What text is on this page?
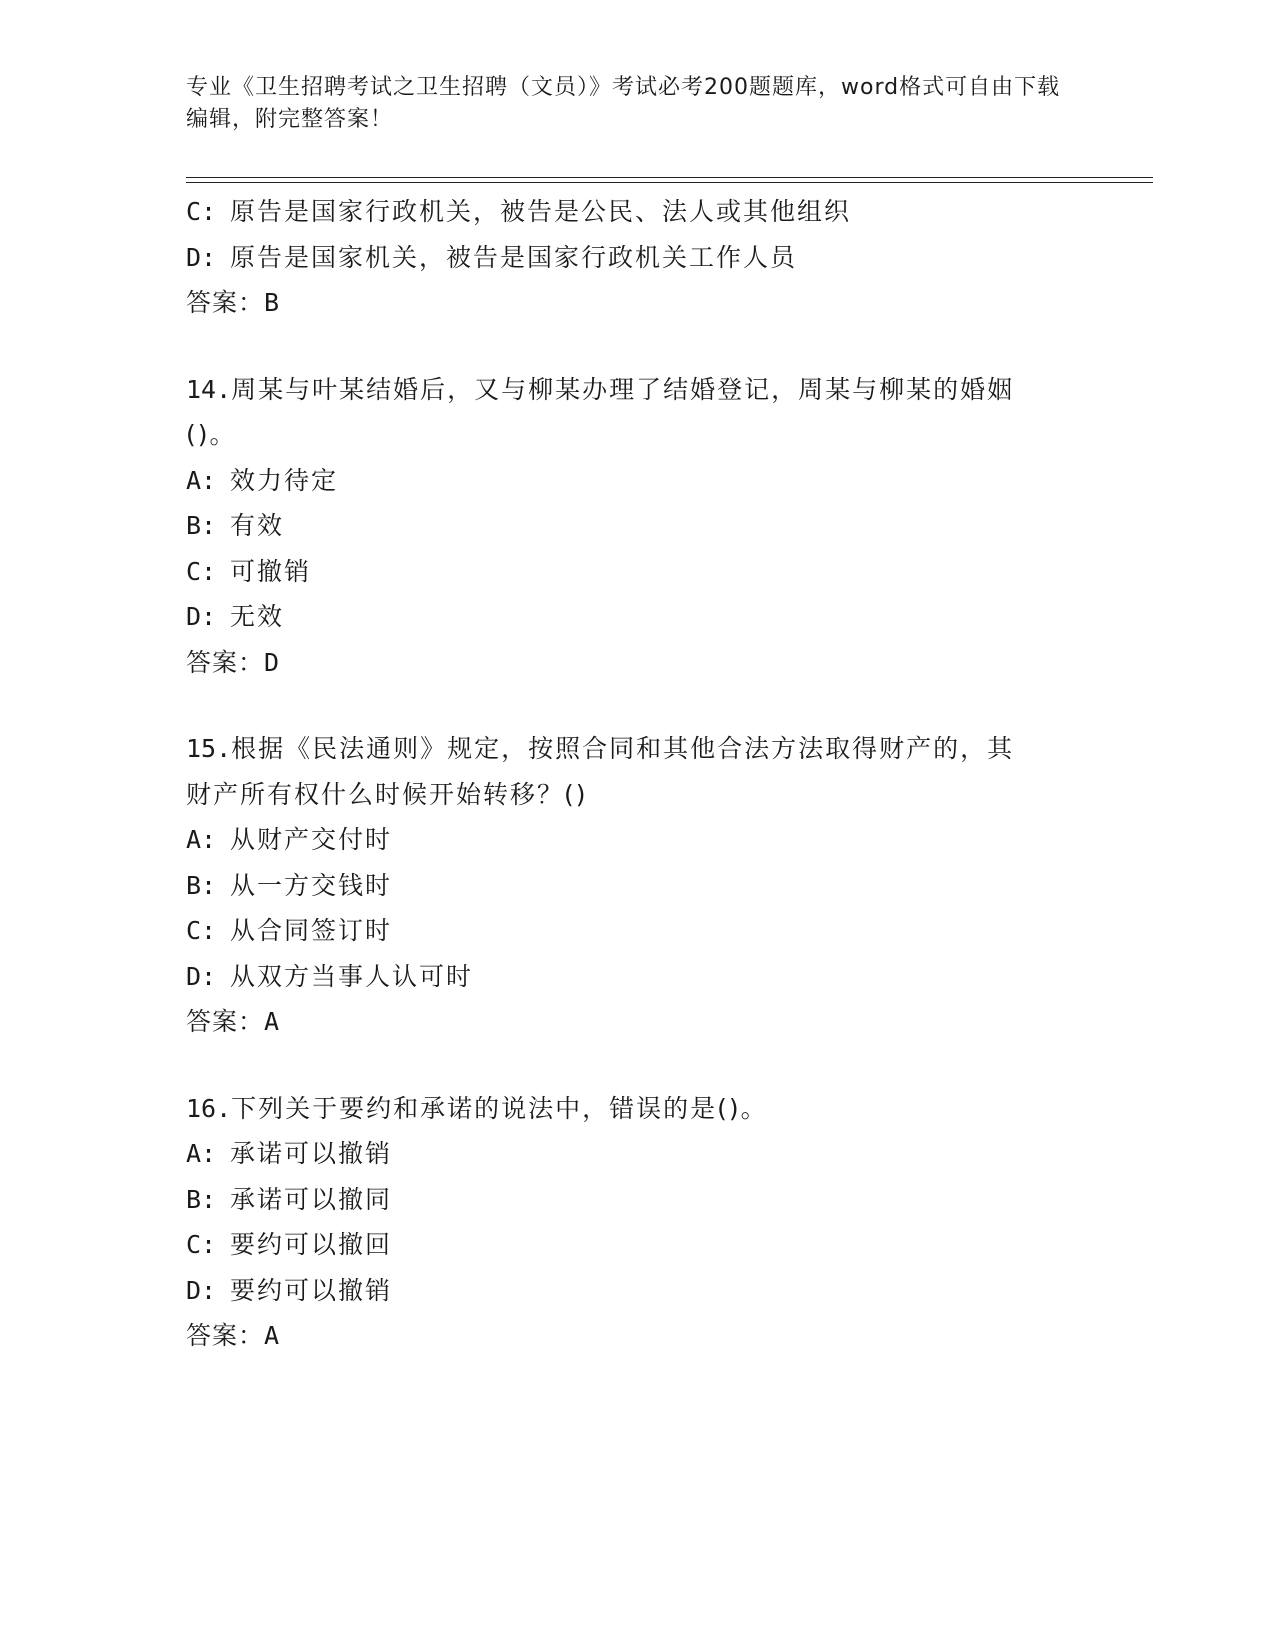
专业《卫生招聘考试之卫生招聘（文员）》考试必考200题题库，word格式可自由下载编辑，附完整答案！
C: 原告是国家行政机关，被告是公民、法人或其他组织
D: 原告是国家机关，被告是国家行政机关工作人员
答案：B
14.周某与叶某结婚后，又与柳某办理了结婚登记，周某与柳某的婚姻
()。
A: 效力待定
B: 有效
C: 可撤销
D: 无效
答案：D
15.根据《民法通则》规定，按照合同和其他合法方法取得财产的，其
财产所有权什么时候开始转移？()
A: 从财产交付时
B: 从一方交钱时
C: 从合同签订时
D: 从双方当事人认可时
答案：A
16.下列关于要约和承诺的说法中，错误的是()。
A: 承诺可以撤销
B: 承诺可以撤同
C: 要约可以撤回
D: 要约可以撤销
答案：A
